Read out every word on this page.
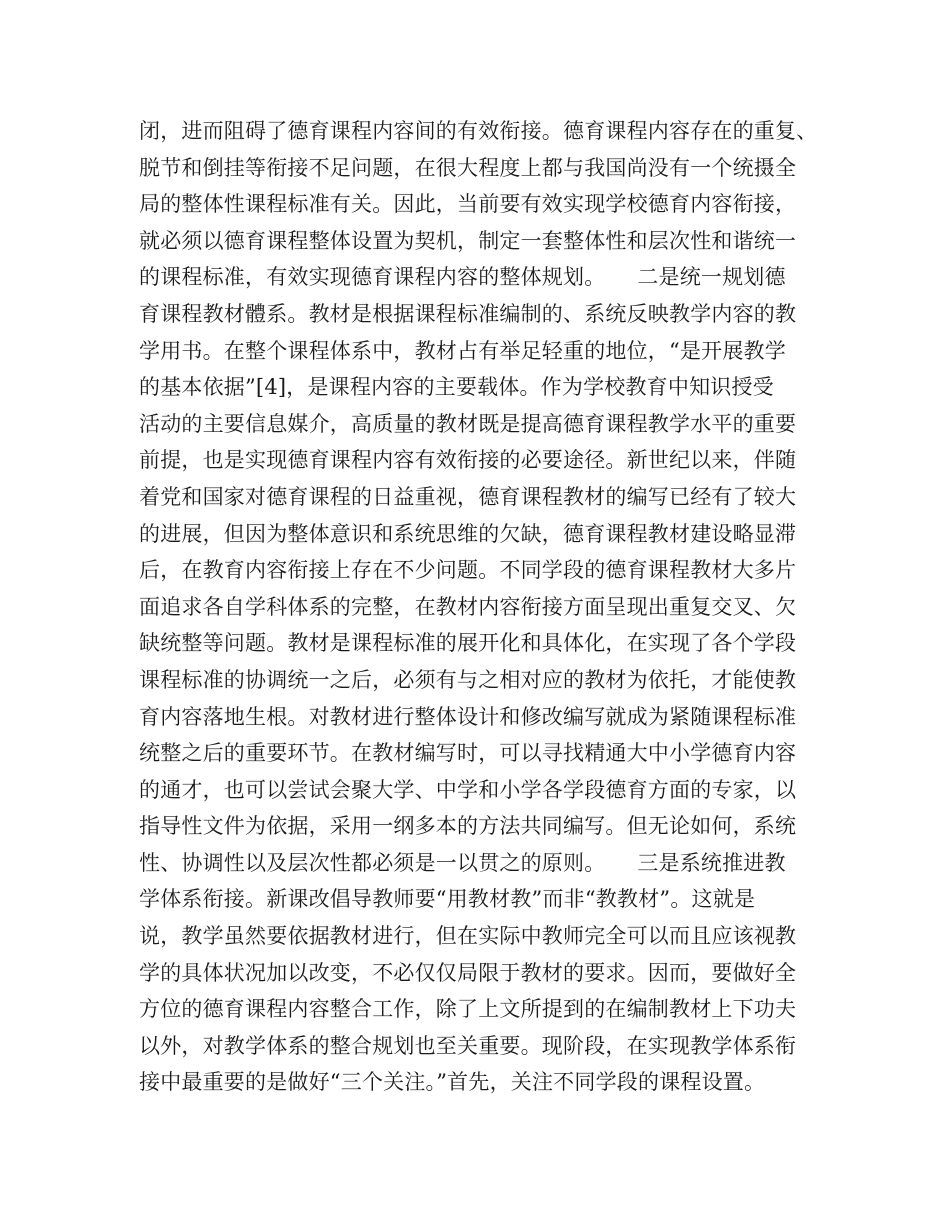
闭，进而阻碍了德育课程内容间的有效衔接。德育课程内容存在的重复、
脱节和倒挂等衔接不足问题，在很大程度上都与我国尚没有一个统摄全
局的整体性课程标准有关。因此，当前要有效实现学校德育内容衔接，
就必须以德育课程整体设置为契机，制定一套整体性和层次性和谐统一
的课程标准，有效实现德育课程内容的整体规划。　　二是统一规划德
育课程教材體系。教材是根据课程标准编制的、系统反映教学内容的教
学用书。在整个课程体系中，教材占有举足轻重的地位，“是开展教学
的基本依据”[4]，是课程内容的主要载体。作为学校教育中知识授受
活动的主要信息媒介，高质量的教材既是提高德育课程教学水平的重要
前提，也是实现德育课程内容有效衔接的必要途径。新世纪以来，伴随
着党和国家对德育课程的日益重视，德育课程教材的编写已经有了较大
的进展，但因为整体意识和系统思维的欠缺，德育课程教材建设略显滞
后，在教育内容衔接上存在不少问题。不同学段的德育课程教材大多片
面追求各自学科体系的完整，在教材内容衔接方面呈现出重复交叉、欠
缺统整等问题。教材是课程标准的展开化和具体化，在实现了各个学段
课程标准的协调统一之后，必须有与之相对应的教材为依托，才能使教
育内容落地生根。对教材进行整体设计和修改编写就成为紧随课程标准
统整之后的重要环节。在教材编写时，可以寻找精通大中小学德育内容
的通才，也可以尝试会聚大学、中学和小学各学段德育方面的专家，以
指导性文件为依据，采用一纲多本的方法共同编写。但无论如何，系统
性、协调性以及层次性都必须是一以贯之的原则。　　三是系统推进教
学体系衔接。新课改倡导教师要“用教材教”而非“教教材”。这就是
说，教学虽然要依据教材进行，但在实际中教师完全可以而且应该视教
学的具体状况加以改变，不必仅仅局限于教材的要求。因而，要做好全
方位的德育课程内容整合工作，除了上文所提到的在编制教材上下功夫
以外，对教学体系的整合规划也至关重要。现阶段，在实现教学体系衔
接中最重要的是做好“三个关注。”首先，关注不同学段的课程设置。
